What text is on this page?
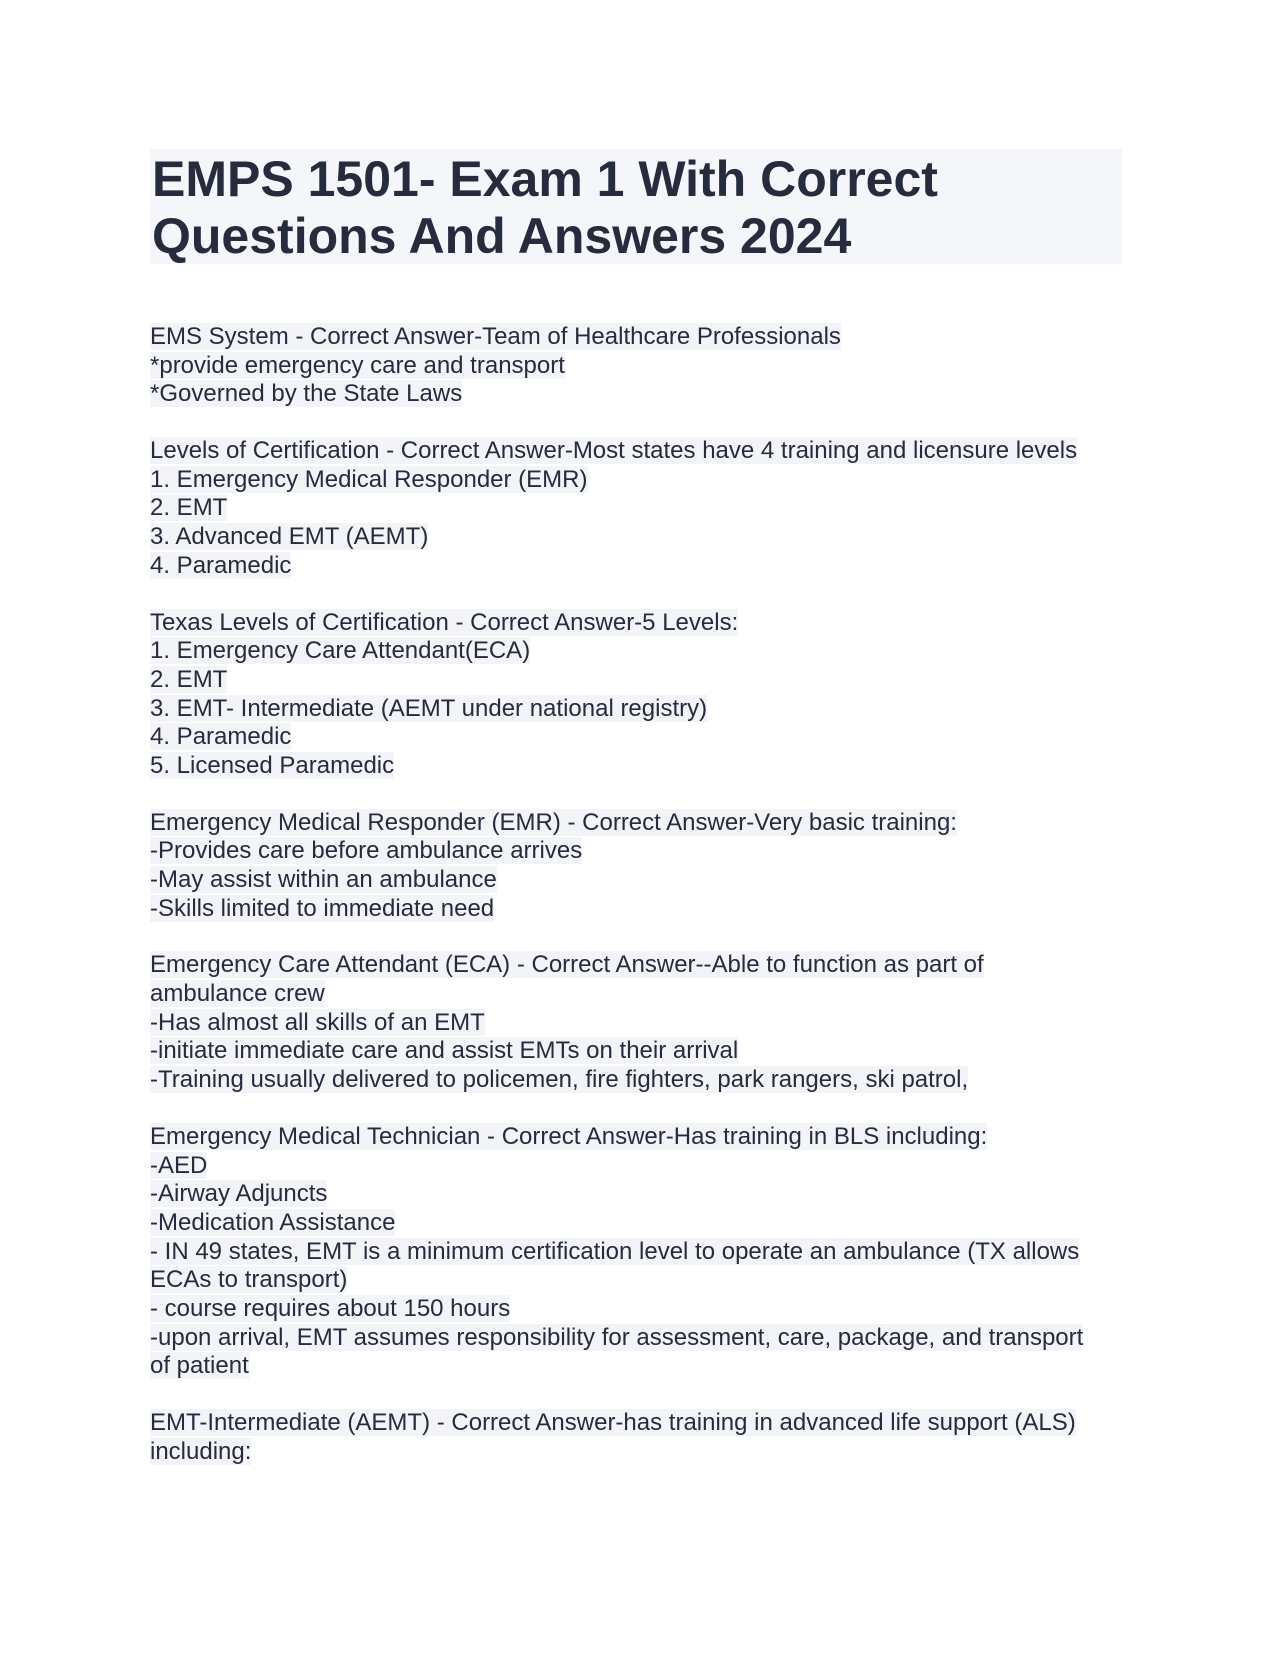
EMPS 1501- Exam 1 With Correct
Questions And Answers 2024
EMS System - Correct Answer-Team of Healthcare Professionals
*provide emergency care and transport
*Governed by the State Laws
Levels of Certification - Correct Answer-Most states have 4 training and licensure levels
1. Emergency Medical Responder (EMR)
2. EMT
3. Advanced EMT (AEMT)
4. Paramedic
Texas Levels of Certification - Correct Answer-5 Levels:
1. Emergency Care Attendant(ECA)
2. EMT
3. EMT- Intermediate (AEMT under national registry)
4. Paramedic
5. Licensed Paramedic
Emergency Medical Responder (EMR) - Correct Answer-Very basic training:
-Provides care before ambulance arrives
-May assist within an ambulance
-Skills limited to immediate need
Emergency Care Attendant (ECA) - Correct Answer--Able to function as part of
ambulance crew
-Has almost all skills of an EMT
-initiate immediate care and assist EMTs on their arrival
-Training usually delivered to policemen, fire fighters, park rangers, ski patrol,
Emergency Medical Technician - Correct Answer-Has training in BLS including:
-AED
-Airway Adjuncts
-Medication Assistance
- IN 49 states, EMT is a minimum certification level to operate an ambulance (TX allows
ECAs to transport)
- course requires about 150 hours
-upon arrival, EMT assumes responsibility for assessment, care, package, and transport
of patient
EMT-Intermediate (AEMT) - Correct Answer-has training in advanced life support (ALS)
including:
